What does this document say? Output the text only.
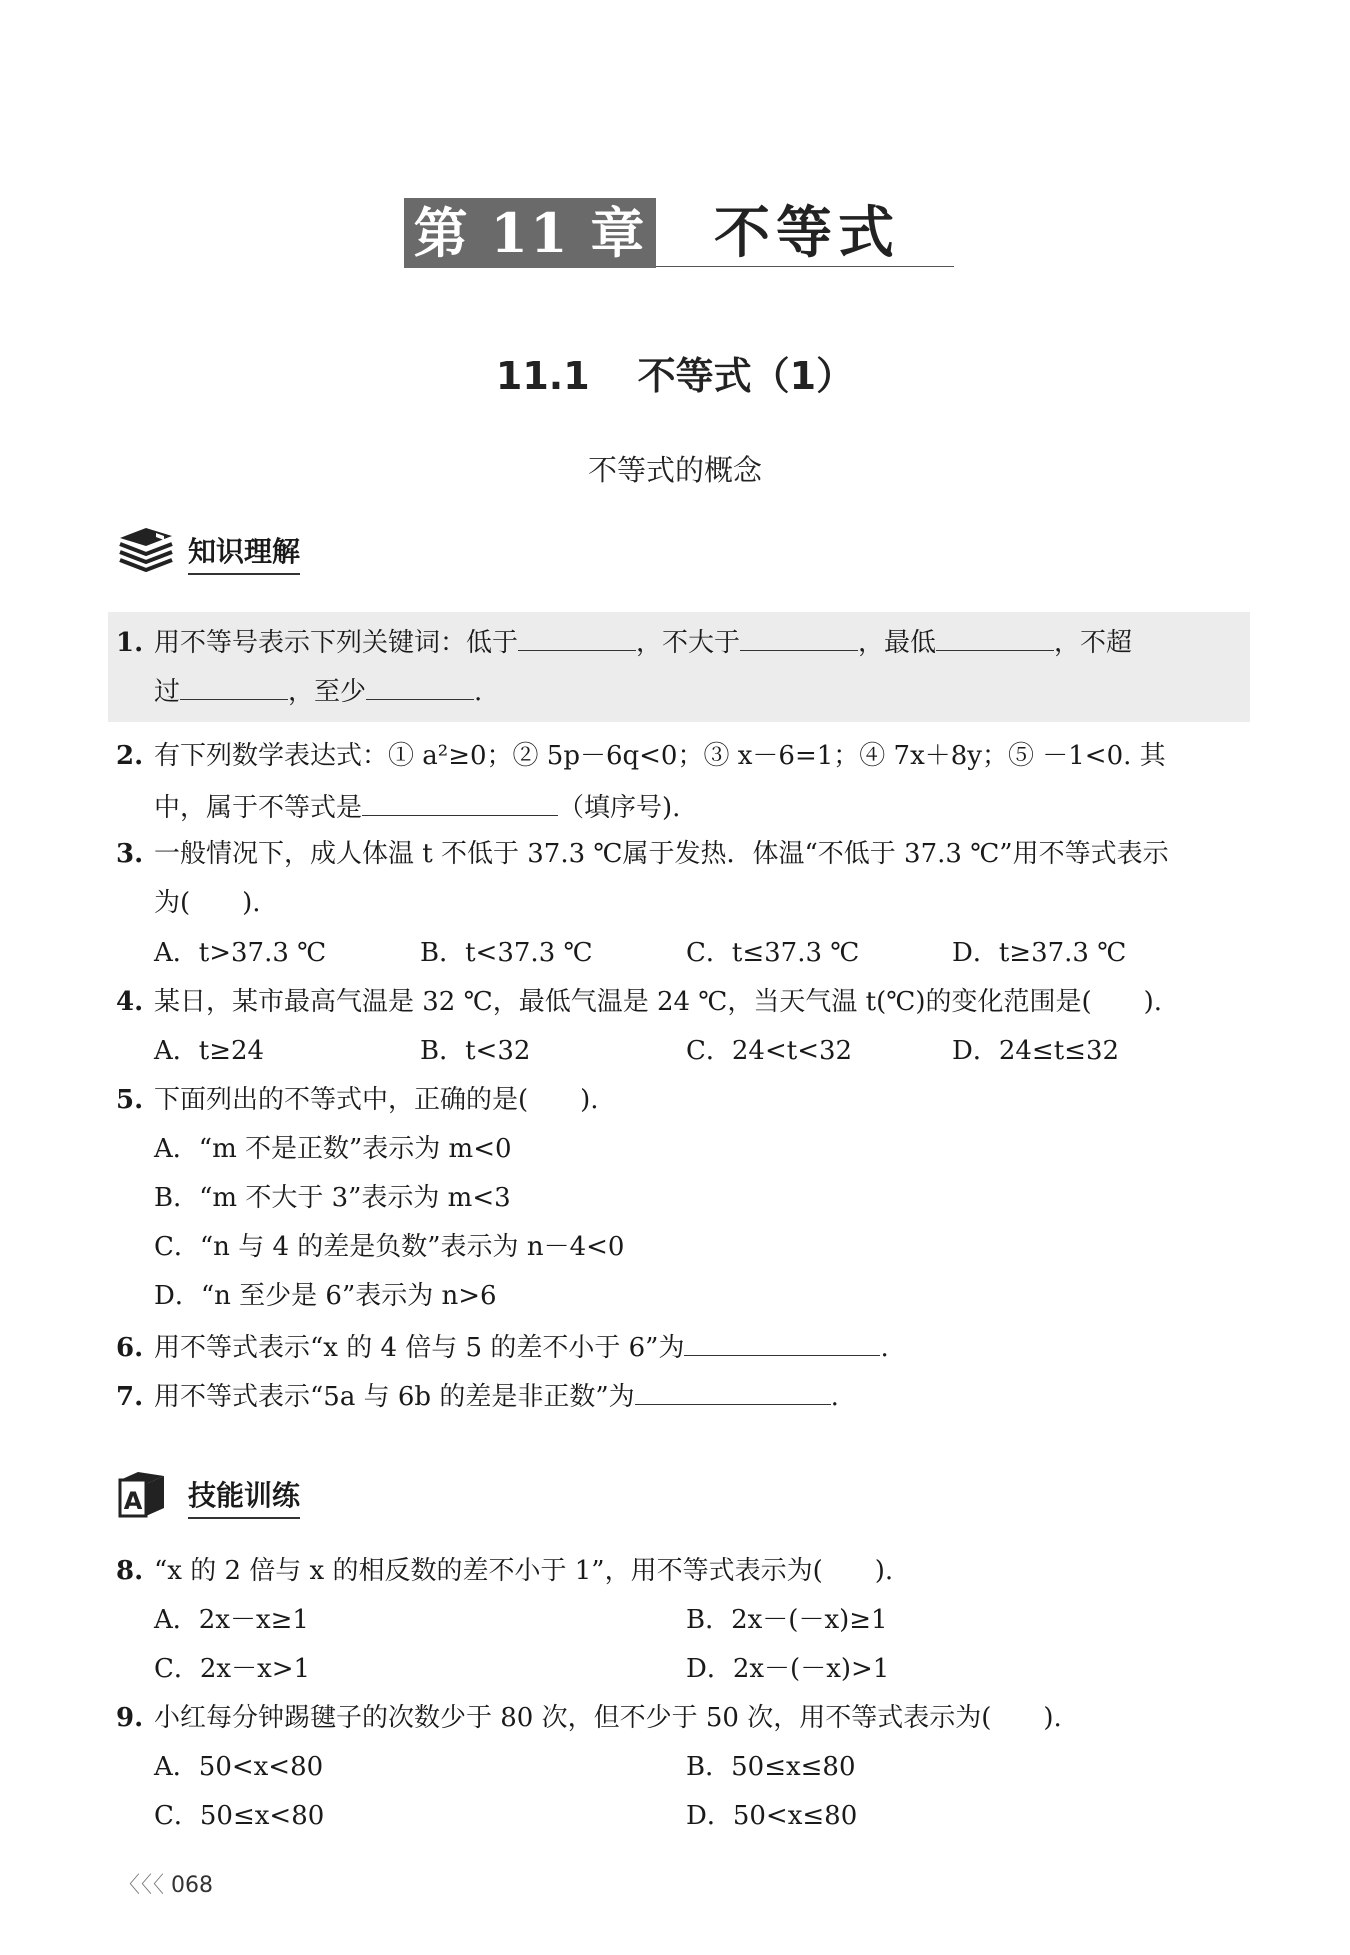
第 11 章 不等式
11.1 不等式（1）
不等式的概念
知识理解
1. 用不等号表示下列关键词：低于	，不大于	，最低	，不超
过	，至少	.
2. 有下列数学表达式：① a²≥0；② 5p－6q<0；③ x－6=1；④ 7x＋8y；⑤ －1<0. 其
中，属于不等式是	（填序号).
3. 一般情况下，成人体温 t 不低于 37.3 ℃属于发热．体温“不低于 37.3 ℃”用不等式表示
为(　　).
A．t>37.3 ℃	B．t<37.3 ℃	C．t≤37.3 ℃	D．t≥37.3 ℃
4. 某日，某市最高气温是 32 ℃，最低气温是 24 ℃，当天气温 t(℃)的变化范围是(　　).
A．t≥24	B．t<32	C．24<t<32	D．24≤t≤32
5. 下面列出的不等式中，正确的是(　　).
A．“m 不是正数”表示为 m<0
B．“m 不大于 3”表示为 m<3
C．“n 与 4 的差是负数”表示为 n－4<0
D．“n 至少是 6”表示为 n>6
6. 用不等式表示“x 的 4 倍与 5 的差不小于 6”为	.
7. 用不等式表示“5a 与 6b 的差是非正数”为	.
A 技能训练
8. “x 的 2 倍与 x 的相反数的差不小于 1”，用不等式表示为(　　).
A．2x－x≥1	B．2x－(－x)≥1
C．2x－x>1	D．2x－(－x)>1
9. 小红每分钟踢毽子的次数少于 80 次，但不少于 50 次，用不等式表示为(　　).
A．50<x<80	B．50≤x≤80
C．50≤x<80	D．50<x≤80
〈〈〈 068
